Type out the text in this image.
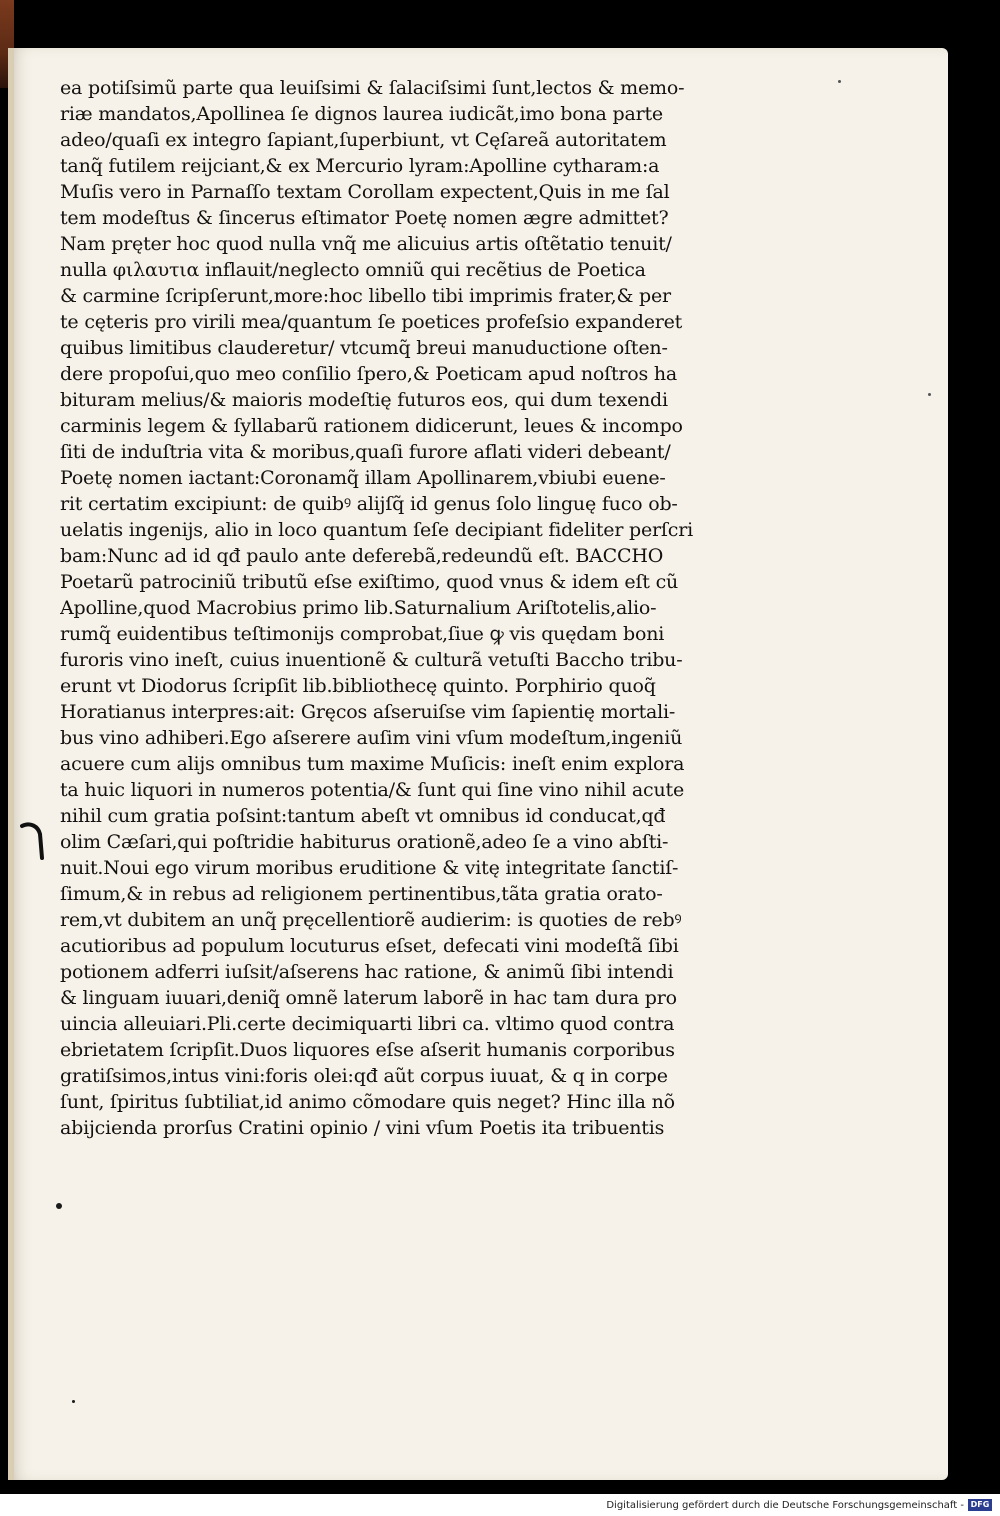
ea potiſsimũ parte qua leuiſsimi & ſalaciſsimi ſunt,lectos & memo-
riæ mandatos,Apollinea ſe dignos laurea iudicãt,imo bona parte
adeo/quaſi ex integro ſapiant,ſuperbiunt, vt Cęſareã autoritatem
tanq̃ futilem reijciant,& ex Mercurio lyram:Apolline cytharam:a
Muſis vero in Parnaſſo textam Corollam expectent,Quis in me ſal
tem modeſtus & ſincerus eſtimator Poetę nomen ægre admittet?
Nam pręter hoc quod nulla vnq̃ me alicuius artis oſtẽtatio tenuit/
nulla φιλαυτια inflauit/neglecto omniũ qui recẽtius de Poetica
& carmine ſcripſerunt,more:hoc libello tibi imprimis frater,& per
te cęteris pro virili mea/quantum ſe poetices profeſsio expanderet
quibus limitibus clauderetur/ vtcumq̃ breui manuductione oſten-
dere propoſui,quo meo conſilio ſpero,& Poeticam apud noſtros ha
bituram melius/& maioris modeſtię futuros eos, qui dum texendi
carminis legem & ſyllabarũ rationem didicerunt, leues & incompo
ſiti de induſtria vita & moribus,quaſi furore aflati videri debeant/
Poetę nomen iactant:Coronamq̃ illam Apollinarem,vbiubi euene-
rit certatim excipiunt: de quibꝰ alijſq̃ id genus ſolo linguę fuco ob-
uelatis ingenijs, alio in loco quantum ſeſe decipiant fideliter perſcri
bam:Nunc ad id qđ paulo ante deferebã,redeundũ eſt. BACCHO
Poetarũ patrociniũ tributũ eſse exiſtimo, quod vnus & idem eſt cũ
Apolline,quod Macrobius primo lib.Saturnalium Ariſtotelis,alio-
rumq̃ euidentibus teſtimonijs comprobat,ſiue ꝙ vis quędam boni
furoris vino ineſt, cuius inuentionẽ & culturã vetuſti Baccho tribu-
erunt vt Diodorus ſcripſit lib.bibliothecę quinto. Porphirio quoq̃
Horatianus interpres:ait: Gręcos aſseruiſse vim ſapientię mortali-
bus vino adhiberi.Ego aſserere auſim vini vſum modeſtum,ingeniũ
acuere cum alijs omnibus tum maxime Muſicis: ineſt enim explora
ta huic liquori in numeros potentia/& ſunt qui ſine vino nihil acute
nihil cum gratia poſsint:tantum abeſt vt omnibus id conducat,qđ
olim Cæſari,qui poſtridie habiturus orationẽ,adeo ſe a vino abſti-
nuit.Noui ego virum moribus eruditione & vitę integritate ſanctiſ-
ſimum,& in rebus ad religionem pertinentibus,tãta gratia orato-
rem,vt dubitem an unq̃ pręcellentiorẽ audierim: is quoties de rebꝰ
acutioribus ad populum locuturus eſset, defecati vini modeſtã ſibi
potionem adferri iuſsit/aſserens hac ratione, & animũ ſibi intendi
& linguam iuuari,deniq̃ omnẽ laterum laborẽ in hac tam dura pro
uincia alleuiari.Pli.certe decimiquarti libri ca. vltimo quod contra
ebrietatem ſcripſit.Duos liquores eſse aſserit humanis corporibus
gratiſsimos,intus vini:foris olei:qđ aũt corpus iuuat, & q in corpe
ſunt, ſpiritus ſubtiliat,id animo cõmodare quis neget? Hinc illa nõ
abijcienda prorſus Cratini opinio / vini vſum Poetis ita tribuentis
Digitalisierung gefördert durch die Deutsche Forschungsgemeinschaft - DFG
